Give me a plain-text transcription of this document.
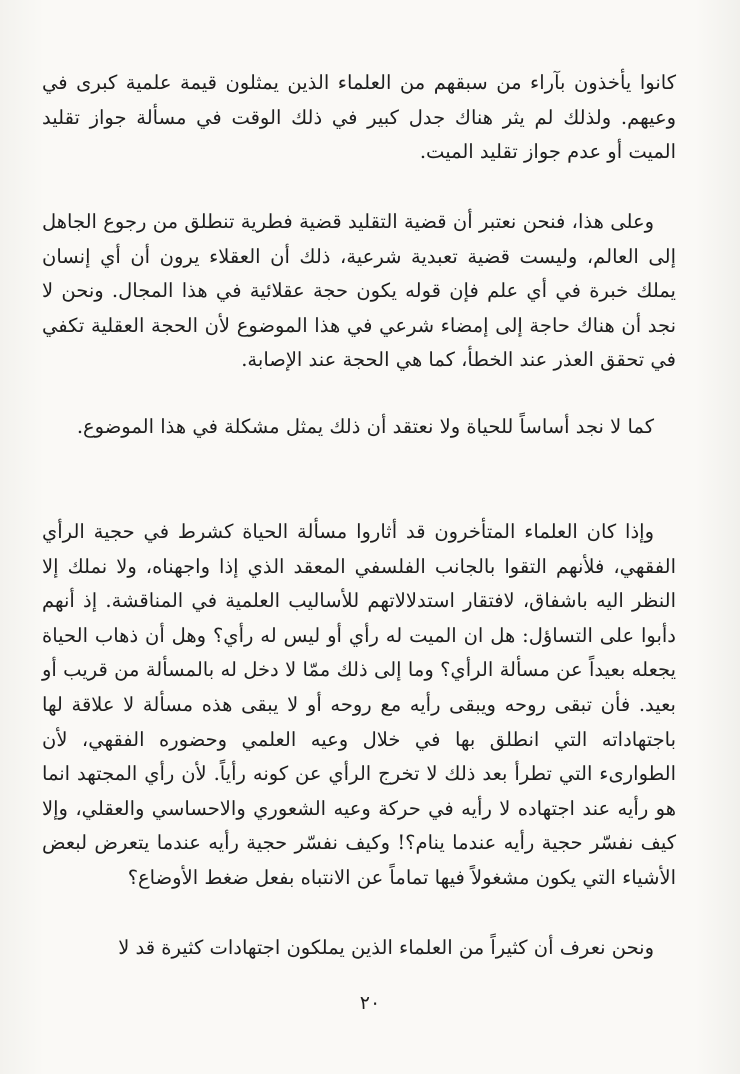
كانوا يأخذون بآراء من سبقهم من العلماء الذين يمثلون قيمة علمية كبرى في وعيهم. ولذلك لم يثر هناك جدل كبير في ذلك الوقت في مسألة جواز تقليد الميت أو عدم جواز تقليد الميت.

وعلى هذا، فنحن نعتبر أن قضية التقليد قضية فطرية تنطلق من رجوع الجاهل إلى العالم، وليست قضية تعبدية شرعية، ذلك أن العقلاء يرون أن أي إنسان يملك خبرة في أي علم فإن قوله يكون حجة عقلائية في هذا المجال. ونحن لا نجد أن هناك حاجة إلى إمضاء شرعي في هذا الموضوع لأن الحجة العقلية تكفي في تحقق العذر عند الخطأ، كما هي الحجة عند الإصابة.

كما لا نجد أساساً للحياة ولا نعتقد أن ذلك يمثل مشكلة في هذا الموضوع.

وإذا كان العلماء المتأخرون قد أثاروا مسألة الحياة كشرط في حجية الرأي الفقهي، فلأنهم التقوا بالجانب الفلسفي المعقد الذي إذا واجهناه، ولا نملك إلا النظر اليه باشفاق، لافتقار استدلالاتهم للأساليب العلمية في المناقشة. إذ أنهم دأبوا على التساؤل: هل ان الميت له رأي أو ليس له رأي؟ وهل أن ذهاب الحياة يجعله بعيداً عن مسألة الرأي؟ وما إلى ذلك ممّا لا دخل له بالمسألة من قريب أو بعيد. فأن تبقى روحه ويبقى رأيه مع روحه أو لا يبقى هذه مسألة لا علاقة لها باجتهاداته التي انطلق بها في خلال وعيه العلمي وحضوره الفقهي، لأن الطوارىء التي تطرأ بعد ذلك لا تخرج الرأي عن كونه رأياً. لأن رأي المجتهد انما هو رأيه عند اجتهاده لا رأيه في حركة وعيه الشعوري والاحساسي والعقلي، وإلا كيف نفسّر حجية رأيه عندما ينام؟! وكيف نفسّر حجية رأيه عندما يتعرض لبعض الأشياء التي يكون مشغولاً فيها تماماً عن الانتباه بفعل ضغط الأوضاع؟

ونحن نعرف أن كثيراً من العلماء الذين يملكون اجتهادات كثيرة قد لا

٢٠
